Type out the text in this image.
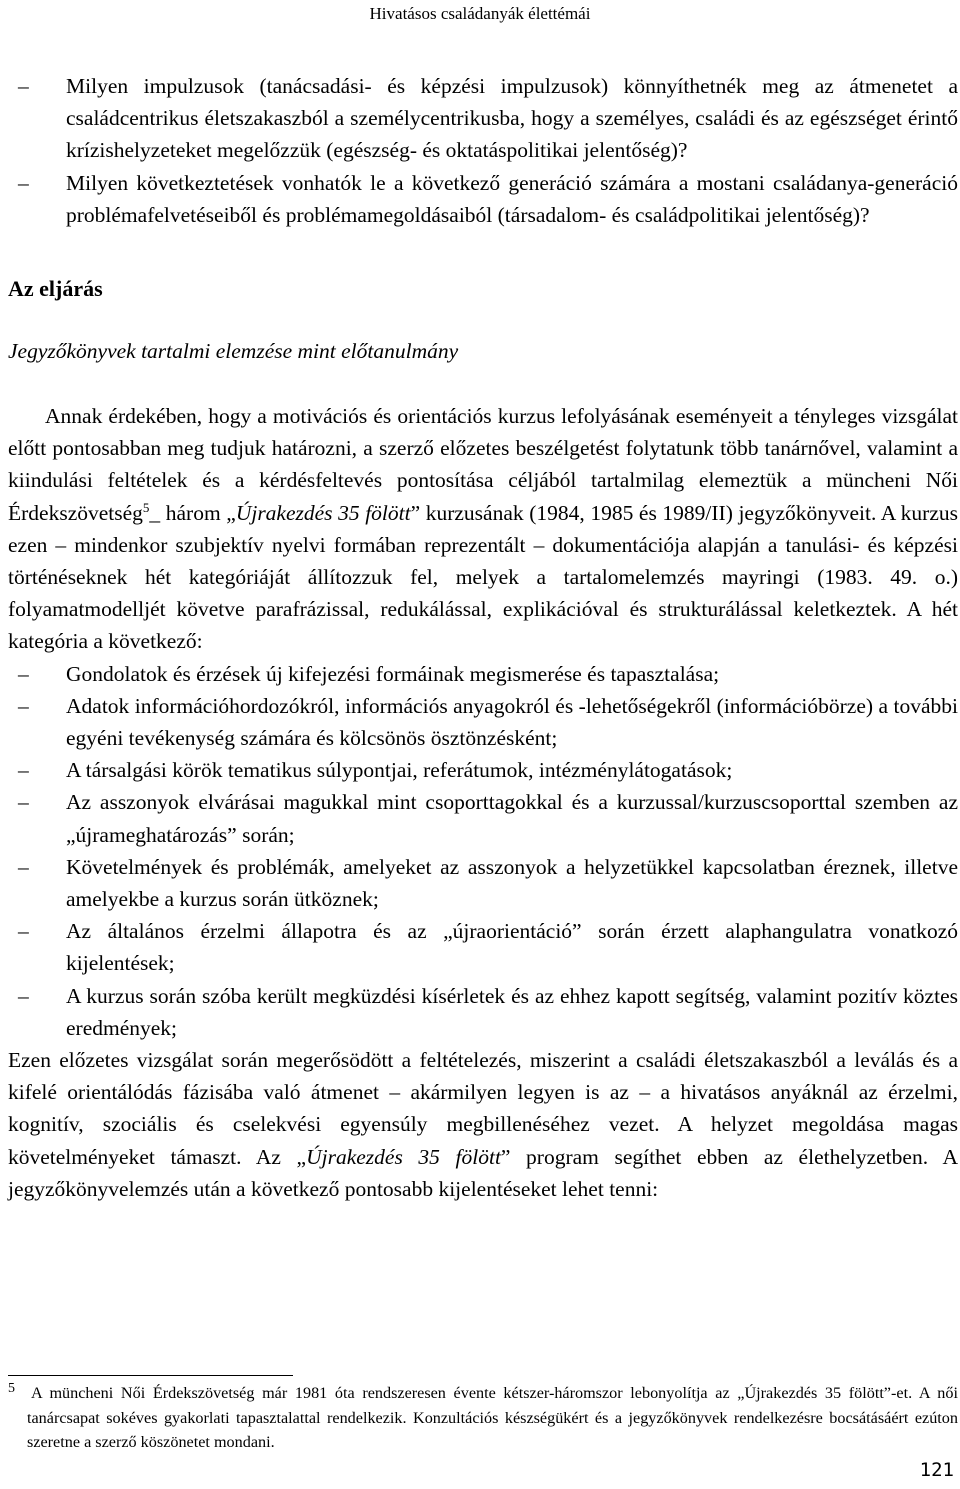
Hivatásos családanyák élettémái

– Milyen impulzusok (tanácsadási- és képzési impulzusok) könnyíthetnék meg az átmenetet a családcentrikus életszakaszból a személycentrikusba, hogy a személyes, családi és az egészséget érintő krízishelyzeteket megelőzzük (egészség- és oktatáspolitikai jelentőség)?

– Milyen következtetések vonhatók le a következő generáció számára a mostani családanya-generáció problémafelvetéseiből és problémamegoldásaiból (társadalom- és családpolitikai jelentőség)?

Az eljárás

Jegyzőkönyvek tartalmi elemzése mint előtanulmány

Annak érdekében, hogy a motivációs és orientációs kurzus lefolyásának eseményeit a tényleges vizsgálat előtt pontosabban meg tudjuk határozni, a szerző előzetes beszélgetést folytatunk több tanárnővel, valamint a kiindulási feltételek és a kérdésfeltevés pontosítása céljából tartalmilag elemeztük a müncheni Női Érdekszövetség$^5$_ három „Újrakezdés 35 fölött” kurzusának (1984, 1985 és 1989/II) jegyzőkönyveit. A kurzus ezen – mindenkor szubjektív nyelvi formában reprezentált – dokumentációja alapján a tanulási- és képzési történéseknek hét kategóriáját állítozzuk fel, melyek a tartalomelemzés mayringi (1983. 49. o.) folyamatmodelljét követve parafrázissal, redukálással, explikációval és strukturálással keletkeztek. A hét kategória a következő:

– Gondolatok és érzések új kifejezési formáinak megismerése és tapasztalása;

– Adatok információhordozókról, információs anyagokról és -lehetőségekről (információbörze) a további egyéni tevékenység számára és kölcsönös ösztönzésként;

– A társalgási körök tematikus súlypontjai, referátumok, intézménylátogatások;

– Az asszonyok elvárásai magukkal mint csoporttagokkal és a kurzussal/kurzuscsoporttal szemben az „újrameghatározás” során;

– Követelmények és problémák, amelyeket az asszonyok a helyzetükkel kapcsolatban éreznek, illetve amelyekbe a kurzus során ütköznek;

– Az általános érzelmi állapotra és az „újraorientáció” során érzett alaphangulatra vonatkozó kijelentések;

– A kurzus során szóba került megküzdési kísérletek és az ehhez kapott segítség, valamint pozitív köztes eredmények;

Ezen előzetes vizsgálat során megerősödött a feltételezés, miszerint a családi életszakaszból a leválás és a kifelé orientálódás fázisába való átmenet – akármilyen legyen is az – a hivatásos anyáknál az érzelmi, kognitív, szociális és cselekvési egyensúly megbillenéséhez vezet. A helyzet megoldása magas követelményeket támaszt. Az „Újrakezdés 35 fölött” program segíthet ebben az élethelyzetben. A jegyzőkönyvelemzés után a következő pontosabb kijelentéseket lehet tenni:

5 A müncheni Női Érdekszövetség már 1981 óta rendszeresen évente kétszer-háromszor lebonyolítja az „Újrakezdés 35 fölött”-et. A női tanárcsapat sokéves gyakorlati tapasztalattal rendelkezik. Konzultációs készségükért és a jegyzőkönyvek rendelkezésre bocsátásáért ezúton szeretne a szerző köszönetet mondani.
121
